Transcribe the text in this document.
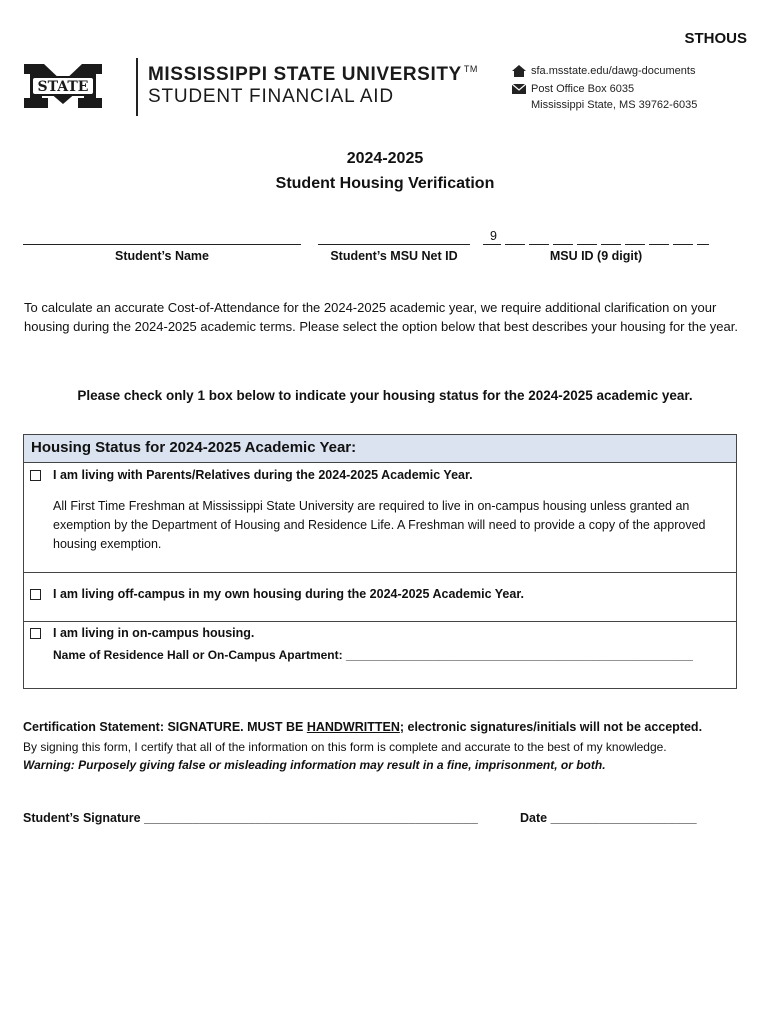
STHOUS
STATE
MISSISSIPPI STATE UNIVERSITY ™
STUDENT FINANCIAL AID
sfa.msstate.edu/dawg-documents
Post Office Box 6035
Mississippi State, MS 39762-6035
2024-2025
Student Housing Verification
Student’s Name	Student’s MSU Net ID
9
MSU ID (9 digit)
To calculate an accurate Cost-of-Attendance for the 2024-2025 academic year, we require additional clarification on your housing during the 2024-2025 academic terms. Please select the option below that best describes your housing for the year.
Please check only 1 box below to indicate your housing status for the 2024-2025 academic year.
Housing Status for 2024-2025 Academic Year:
I am living with Parents/Relatives during the 2024-2025 Academic Year.
All First Time Freshman at Mississippi State University are required to live in on-campus housing unless granted an exemption by the Department of Housing and Residence Life. A Freshman will need to provide a copy of the approved housing exemption.
I am living off-campus in my own housing during the 2024-2025 Academic Year.
I am living in on-campus housing.
Name of Residence Hall or On-Campus Apartment: ____________________________________________________
Certification Statement: SIGNATURE. MUST BE HANDWRITTEN; electronic signatures/initials will not be accepted.
By signing this form, I certify that all of the information on this form is complete and accurate to the best of my knowledge.
Warning: Purposely giving false or misleading information may result in a fine, imprisonment, or both.
Student’s Signature ________________________________________________	Date _____________________
